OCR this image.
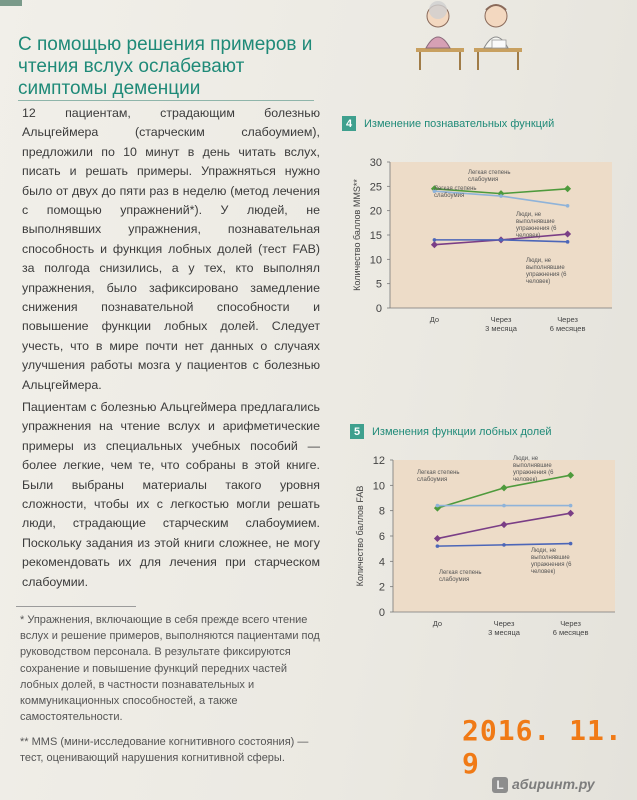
С помощью решения примеров и чтения вслух ослабевают симптомы деменции
12 пациентам, страдающим болезнью Альцгеймера (старческим слабоумием), предложили по 10 минут в день читать вслух, писать и решать примеры. Упражняться нужно было от двух до пяти раз в неделю (метод лечения с помощью упражнений*). У людей, не выполнявших упражнения, познавательная способность и функция лобных долей (тест FAB) за полгода снизились, а у тех, кто выполнял упражнения, было зафиксировано замедление снижения познавательной способности и повышение функции лобных долей. Следует учесть, что в мире почти нет данных о случаях улучшения работы мозга у пациентов с болезнью Альцгеймера.
Пациентам с болезнью Альцгеймера предлагались упражнения на чтение вслух и арифметические примеры из специальных учебных пособий — более легкие, чем те, что собраны в этой книге. Были выбраны материалы такого уровня сложности, чтобы их с легкостью могли решать люди, страдающие старческим слабоумием. Поскольку задания из этой книги сложнее, не могу рекомендовать их для лечения при старческом слабоумии.
* Упражнения, включающие в себя прежде всего чтение вслух и решение примеров, выполняются пациентами под руководством персонала. В результате фиксируются сохранение и повышение функций передних частей лобных долей, в частности познавательных и коммуникационных способностей, а также самостоятельности.
** MMS (мини-исследование когнитивного состояния) — тест, оценивающий нарушения когнитивной сферы.
4	Изменение познавательных функций
0
5
10
15
20
25
30
До	Через 3 месяца
Через 6 месяцев
Количество баллов MMS**
Легкая степень слабоумия
Люди, не выполнявшие упражнения (6 человек)
Легкая степень слабоумия
Люди, не выполнявшие упражнения (6 человек)
5	Изменения функции лобных долей
0
2
4
6
8
10
12
До	Через 3 месяца
Через 6 месяцев
Количество баллов FAB
Легкая степень слабоумия
Люди, не выполнявшие упражнения (6 человек)
Легкая степень слабоумия
Люди, не выполнявшие упражнения (6 человек)
2016. 11. 9
L абиринт.ру
